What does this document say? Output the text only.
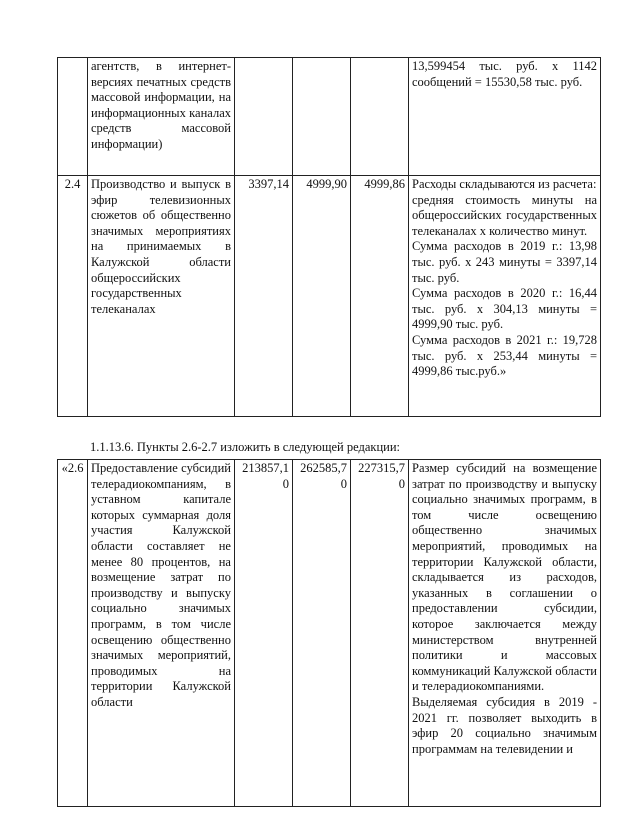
	агентств, в интернет-версиях печатных средств массовой информации, на информационных каналах средств массовой информации)				13,599454 тыс. руб. х 1142 сообщений = 15530,58 тыс. руб.

2.4	Производство и выпуск в эфир телевизионных сюжетов об общественно значимых мероприятиях на принимаемых в Калужской области общероссийских государственных телеканалах	3397,14	4999,90	4999,86	Расходы складываются из расчета:
средняя стоимость минуты на общероссийских государственных телеканалах х количество минут.
Сумма расходов в 2019 г.: 13,98 тыс. руб. х 243 минуты = 3397,14 тыс. руб.
Сумма расходов в 2020 г.: 16,44 тыс. руб. х 304,13 минуты = 4999,90 тыс. руб.
Сумма расходов в 2021 г.: 19,728 тыс. руб. х 253,44 минуты = 4999,86 тыс.руб.»
1.1.13.6. Пункты 2.6-2.7 изложить в следующей редакции:
«2.6	Предоставление субсидий телерадиокомпаниям, в уставном капитале которых суммарная доля участия Калужской области составляет не менее 80 процентов, на возмещение затрат по производству и выпуску социально значимых программ, в том числе освещению общественно значимых мероприятий, проводимых на территории Калужской области	213857,10	262585,70	227315,70	
Размер субсидий на возмещение затрат по производству и выпуску социально значимых программ, в том числе освещению общественно значимых мероприятий, проводимых на территории Калужской области, складывается из расходов, указанных в соглашении о предоставлении субсидии, которое заключается между министерством внутренней политики и массовых коммуникаций Калужской области и телерадиокомпаниями.
Выделяемая субсидия в 2019 - 2021 гг. позволяет выходить в эфир 20 социально значимым программам на телевидении и
